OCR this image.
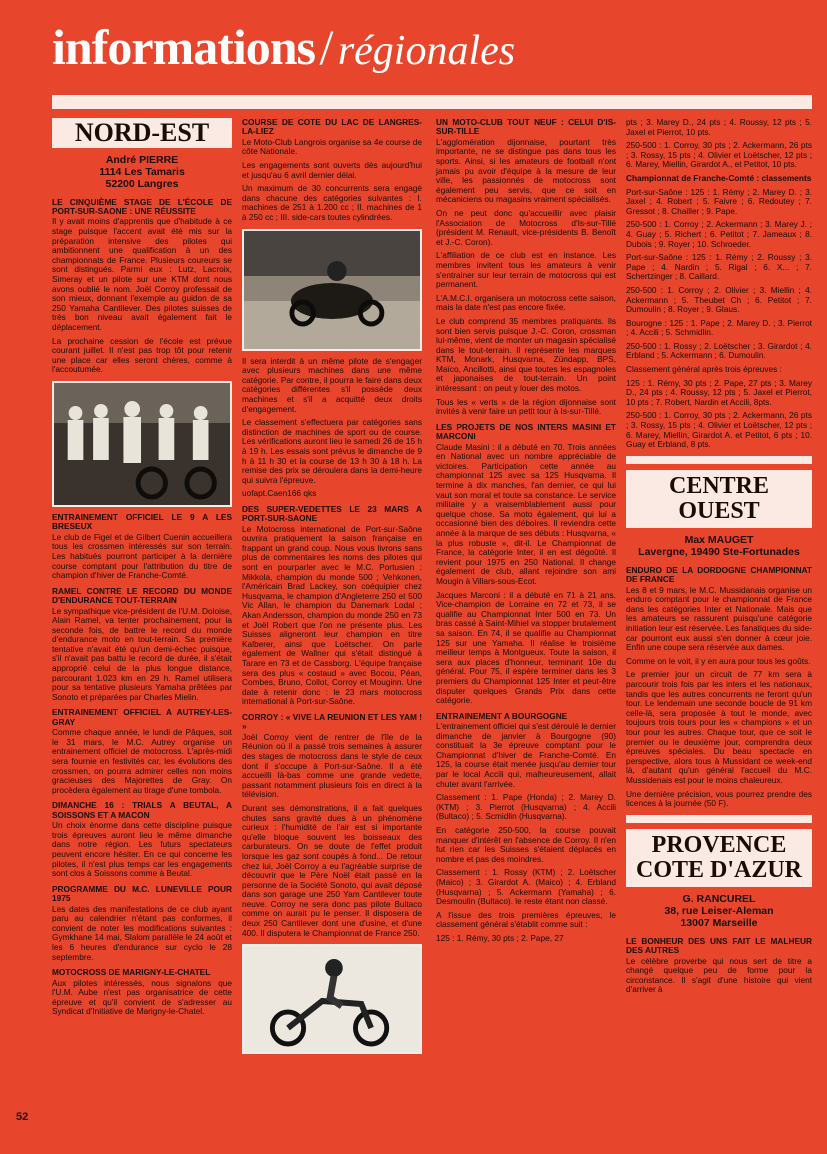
informations / régionales
NORD-EST
André PIERRE
1114 Les Tamaris
52200 Langres
LE CINQUIÈME STAGE DE L'ÉCOLE DE PORT-SUR-SAONE : UNE RÉUSSITE

Il y avait moins d'apprentis que d'habitude à ce stage puisque l'accent avait été mis sur la préparation intensive des pilotes qui ambitionnent une qualification à un des championnats de France. Plusieurs coureurs se sont distingués. Parmi eux : Lutz, Lacroix, Simeray et un pilote sur une KTM dont nous avons oublié le nom. Joël Corroy professait de son mieux, donnant l'exemple au guidon de sa 250 Yamaha Cantilever. Des pilotes suisses de très bon niveau avait également fait le déplacement.

La prochaine cession de l'école est prévue courant juillet. Il n'est pas trop tôt pour retenir une place car elles seront chères, comme à l'accoutumée.

ENTRAINEMENT OFFICIEL LE 9 A LES BRESEUX

Le club de Figel et de Gilbert Cuenin accueillera tous les crossmen intéressés sur son terrain. Les habitués pourront participer à la dernière course comptant pour l'attribution du titre de champion d'hiver de Franche-Comté.

RAMEL CONTRE LE RECORD DU MONDE D'ENDURANCE TOUT-TERRAIN

Le sympathique vice-président de l'U.M. Doloise, Alain Ramel, va tenter prochainement, pour la seconde fois, de battre le record du monde d'endurance moto en tout-terrain. Sa première tentative n'avait été qu'un demi-échec puisque, s'il n'avait pas battu le record de durée, il s'était approprié celui de la plus longue distance, parcourant 1.023 km en 29 h. Ramel utilisera pour sa tentative plusieurs Yamaha prêtées par Sonoto et préparées par Charles Mielin.

ENTRAINEMENT OFFICIEL A AUTREY-LES-GRAY

Comme chaque année, le lundi de Pâques, soit le 31 mars, le M.C. Autrey organise un entrainement officiel de motocross. L'après-midi sera fournie en festivités car, les évolutions des crossmen, on pourra admirer celles non moins gracieuses des Majorettes de Gray. On procèdera également au tirage d'une tombola.

DIMANCHE 16 : TRIALS A BEUTAL, A SOISSONS ET A MACON

Un choix énorme dans cette discipline puisque trois épreuves auront lieu le même dimanche dans notre région. Les futurs spectateurs peuvent encore hésiter. En ce qui concerne les pilotes, il n'est plus temps car les engagements sont clos à Soissons comme à Beutal.

PROGRAMME DU M.C. LUNEVILLE POUR 1975

Les dates des manifestations de ce club ayant paru au calendrier n'étant pas conformes, il convient de noter les modifications suivantes : Gymkhane 14 mai, Slalom parallèle le 24 août et les 6 heures d'endurance sur cyclo le 28 septembre.

MOTOCROSS DE MARIGNY-LE-CHATEL

Aux pilotes intéressés, nous signalons que l'U.M. Aube n'est pas organisatrice de cette épreuve et qu'il convient de s'adresser au Syndicat d'Initiative de Marigny-le-Chatel.

COURSE DE COTE DU LAC DE LANGRES-LA-LIEZ

Le Moto-Club Langrois organise sa 4e course de côte Nationale.

Les engagements sont ouverts dès aujourd'hui et jusqu'au 6 avril dernier délai.

Un maximum de 30 concurrents sera engagé dans chacune des catégories suivantes : I. machines de 251 à 1.200 cc ; II. machines de 1 à 250 cc ; III. side-cars toutes cylindrées.

Il sera interdit à un même pilote de s'engager avec plusieurs machines dans une même catégorie. Par contre, il pourra le faire dans deux catégories différentes s'il possède deux machines et s'il a acquitté deux droits d'engagement.

Le classement s'effectuera par catégories sans distinction de machines de sport ou de course. Les vérifications auront lieu le samedi 26 de 15 h à 19 h. Les essais sont prévus le dimanche de 9 h à 11 h 30 et la course de 13 h 30 à 18 h. La remise des prix se déroulera dans la demi-heure qui suivra l'épreuve.

uofapt.Caen166 qks

DES SUPER-VEDETTES LE 23 MARS A PORT-SUR-SAONE

Le Motocross international de Port-sur-Saône ouvrira pratiquement la saison française en frappant un grand coup. Nous vous livrons sans plus de commentaires les noms des pilotes qui sont en pourparler avec le M.C. Portusien : Mikkola, champion du monde 500 ; Vehkonen, l'Américain Brad Lackey, son coéquipier chez Husqvarna, le champion d'Angleterre 250 et 500 Vic Allan, le champion du Danemark Lodal ; Akan Andersson, champion du monde 250 en 73 et Joël Robert que l'on ne présente plus. Les Suisses aligneront leur champion en titre Kalberer, ainsi que Loëtscher. On parle également de Wallner qui s'était distingué à Tarare en 73 et de Cassborg. L'équipe française sera des plus « costaud » avec Bocou, Péan, Combes, Bruno, Collot, Corroy et Mouginn. Une date à retenir donc : le 23 mars motocross international à Port-sur-Saône.

CORROY : « VIVE LA REUNION ET LES YAM ! »

Joël Corroy vient de rentrer de l'île de la Réunion où il a passé trois semaines à assurer des stages de motocross dans le style de ceux dont il s'occupe à Port-sur-Saône. Il a été accueilli là-bas comme une grande vedette, passant notamment plusieurs fois en direct à la télévision.

Durant ses démonstrations, il a fait quelques chutes sans gravité dues à un phénomène curieux : l'humidité de l'air est si importante qu'elle bloque souvent les boisseaux des carburateurs. On se doute de l'effet produit lorsque les gaz sont coupés à fond... De retour chez lui, Joël Corroy a eu l'agréable surprise de découvrir que le Père Noël était passé en la personne de la Société Sonoto, qui avait déposé dans son garage une 250 Yam Cantilever toute neuve. Corroy ne sera donc pas pilote Bultaco comme on aurait pu le penser. Il disposera de deux 250 Cantilever dont une d'usine, et d'une 400. Il disputera le Championnat de France 250.

UN MOTO-CLUB TOUT NEUF : CELUI D'IS-SUR-TILLE

L'agglomération dijonnaise, pourtant très importante, ne se distingue pas dans tous les sports. Ainsi, si les amateurs de football n'ont jamais pu avoir d'équipe à la mesure de leur ville, les passionnés de motocross sont également peu servis, que ce soit en mécaniciens ou magasins vraiment spécialisés.

On ne peut donc qu'accueillir avec plaisir l'Association de Motocross d'Is-sur-Tillé (président M. Renault, vice-présidents B. Benoît et J.-C. Coron).

L'affiliation de ce club est en instance. Les membres invitent tous les amateurs à venir s'entrainer sur leur terrain de motocross qui est permanent.

L'A.M.C.I. organisera un motocross cette saison, mais la date n'est pas encore fixée.

Le club comprend 35 membres pratiquants. Ils sont bien servis puisque J.-C. Coron, crossman lui-même, vient de monter un magasin spécialisé dans le tout-terrain. Il représente les marques KTM, Monark, Husqvarna, Zündapp, BPS, Maïco, Ancillotti, ainsi que toutes les espagnoles et japonaises de tout-terrain. Un point intéressant : on peut y louer des motos.

Tous les « verts » de la région dijonnaise sont invités à venir faire un petit tour à Is-sur-Tillé.

LES PROJETS DE NOS INTERS MASINI ET MARCONI

Claude Masini : il a débuté en 70. Trois années en National avec un nombre appréciable de victoires. Participation cette année au championnat 125 avec sa 125 Husqvarna. Il termine à dix manches, l'an dernier, ce qui lui vaut son moral et toute sa constance. Le service militaire y a vraisemblablement aussi pour quelque chose. Sa moto également, qui lui a occasionné bien des déboires. Il reviendra cette année à la marque de ses débuts : Husqvarna, « la plus robuste », dit-il. Le Championnat de France, la catégorie Inter, il en est dégoûté. Il revient pour 1975 en 250 National. Il change également de club, allant rejoindre son ami Mougin à Villars-sous-Ecot.

Jacques Marconi : il a débuté en 71 à 21 ans. Vice-champion de Lorraine en 72 et 73, il se qualifie au Championnat Inter 500 en 73. Un bras cassé à Saint-Mihiel va stopper brutalement sa saison. En 74, il se qualifie au Championnat 125 sur une Yamaha. Il réalise le troisième meilleur temps à Montgueux. Toute la saison, il sera aux places d'honneur, terminant 10e du général. Pour 75, il espère terminer dans les 3 premiers du Championnat 125 Inter et peut-être disputer quelques Grands Prix dans cette catégorie.

ENTRAINEMENT A BOURGOGNE

L'entrainement officiel qui s'est déroulé le dernier dimanche de janvier à Bourgogne (90) constituait la 3e épreuve comptant pour le Championnat d'hiver de Franche-Comté. En 125, la course était menée jusqu'au dernier tour par le local Accili qui, malheureusement, allait chuter avant l'arrivée.

Classement : 1. Pape (Honda) ; 2. Marey D. (KTM) ; 3. Pierrot (Husqvarna) ; 4. Accili (Bultaco) ; 5. Scmidlin (Husqvarna).

En catégorie 250-500, la course pouvait manquer d'intérêt en l'absence de Corroy. Il n'en fut rien car les Suisses s'étaient déplacés en nombre et pas des moindres.

Classement : 1. Rossy (KTM) ; 2. Loëtscher (Maico) ; 3. Girardot A. (Maico) ; 4. Erbland (Husqvarna) ; 5. Ackermann (Yamaha) ; 6. Desmoulin (Bultaco). le reste étant non classé.

A l'issue des trois premières épreuves, le classement général s'établit comme suit :

125 : 1. Rémy, 30 pts ; 2. Pape, 27

pts ; 3. Marey D., 24 pts ; 4. Roussy, 12 pts ; 5. Jaxel et Pierrot, 10 pts.

250-500 : 1. Corroy, 30 pts ; 2. Ackermann, 26 pts ; 3. Rossy, 15 pts ; 4. Olivier et Loëtscher, 12 pts ; 6. Marey, Miellin, Girardot A., et Petitot, 10 pts.

Championnat de Franche-Comté : classements

Port-sur-Saône : 125 : 1. Rémy ; 2. Marey D. ; 3. Jaxel ; 4. Robert ; 5. Faivre ; 6. Redoutey ; 7. Gressot ; 8. Chailler ; 9. Pape.

250-500 : 1. Corroy ; 2. Ackermann ; 3. Marey J. ; 4. Guay ; 5. Richert ; 6. Petitot ; 7. Jameaux ; 8. Dubois ; 9. Royer ; 10. Schroeder.

Port-sur-Saône : 125 : 1. Rémy ; 2. Roussy ; 3. Pape ; 4. Nardin ; 5. Rigal ; 6. X... ; 7. Schertzinger ; 8. Caillard.

250-500 : 1. Corroy ; 2. Olivier ; 3. Miellin ; 4. Ackermann ; 5. Theubet Ch ; 6. Petitot ; 7. Dumoulin ; 8. Royer ; 9. Glaus.

Bourogne : 125 : 1. Pape ; 2. Marey D. ; 3. Pierrot ; 4. Accili ; 5. Schmidlin.

250-500 : 1. Rossy ; 2. Loëtscher ; 3. Girardot ; 4. Erbland ; 5. Ackermann ; 6. Dumoulin.

Classement général après trois épreuves :

125 : 1. Rémy, 30 pts ; 2. Pape, 27 pts ; 3. Marey D., 24 pts ; 4. Roussy, 12 pts ; 5. Jaxel et Pierrot, 10 pts ; 7. Robert, Nardin et Accili, 8pts.

250-500 : 1. Corroy, 30 pts ; 2. Ackermann, 26 pts ; 3. Rossy, 15 pts ; 4. Olivier et Loëtscher, 12 pts ; 6. Marey, Miellin, Girardot A. et Petitot, 6 pts ; 10. Guay et Erbland, 8 pts.

CENTRE OUEST
Max MAUGET
Lavergne, 19490 Ste-Fortunades
ENDURO DE LA DORDOGNE CHAMPIONNAT DE FRANCE

Les 8 et 9 mars, le M.C. Mussidanais organise un enduro comptant pour le championnat de France dans les catégories Inter et Nationale. Mais que les amateurs se rassurent puisqu'une catégorie initiation leur est réservée. Les fanatiques du side-car pourront eux aussi s'en donner à cœur joie. Enfin une coupe sera réservée aux dames.

Comme on le voit, il y en aura pour tous les goûts.

Le premier jour un circuit de 77 km sera à parcourir trois fois par les inters et les nationaux, tandis que les autres concurrents ne feront qu'un tour. Le lendemain une seconde boucle de 91 km celle-là, sera proposée à tout le monde, avec toujours trois tours pour les « champions » et un tour pour les autres. Chaque tour, que ce soit le premier ou le deuxième jour, comprendra deux épreuves spéciales. Du beau spectacle en perspective, alors tous à Mussidant ce week-end là, d'autant qu'un général l'accueil du M.C. Mussidenais est pour le moins chaleureux.

Une dernière précision, vous pourrez prendre des licences à la journée (50 F).

PROVENCE COTE D'AZUR
G. RANCUREL
38, rue Leiser-Aleman
13007 Marseille
LE BONHEUR DES UNS FAIT LE MALHEUR DES AUTRES

Le célèbre proverbe qui nous sert de titre a changé quelque peu de forme pour la circonstance. Il s'agit d'une histoire qui vient d'arriver à

52
